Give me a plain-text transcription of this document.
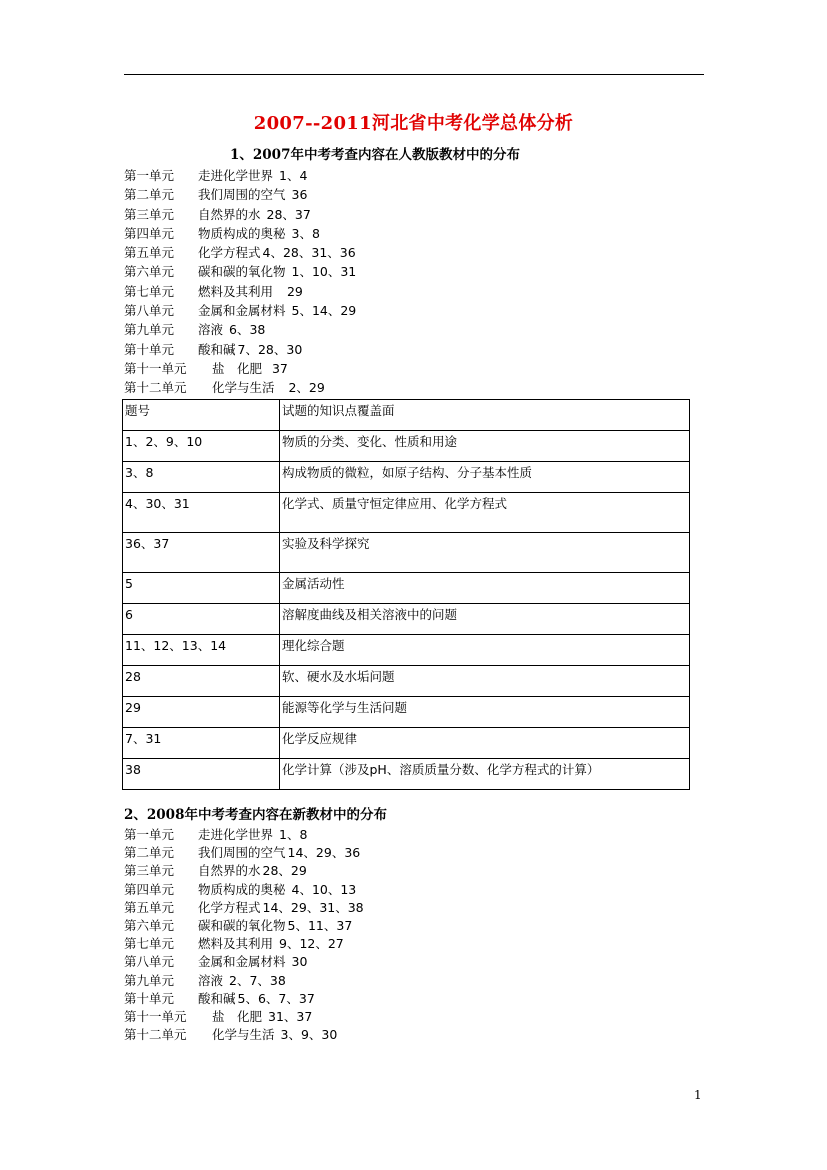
2007--2011河北省中考化学总体分析
1、2007年中考考查内容在人教版教材中的分布
第一单元 走进化学世界 1、4
第二单元 我们周围的空气 36
第三单元 自然界的水 28、37
第四单元 物质构成的奥秘 3、8
第五单元 化学方程式 4、28、31、36
第六单元 碳和碳的氧化物 1、10、31
第七单元 燃料及其利用 29
第八单元 金属和金属材料 5、14、29
第九单元 溶液 6、38
第十单元 酸和碱 7、28、30
第十一单元 盐　化肥 37
第十二单元 化学与生活 2、29
题号	试题的知识点覆盖面
1、2、9、10	物质的分类、变化、性质和用途
3、8	构成物质的微粒，如原子结构、分子基本性质
4、30、31	化学式、质量守恒定律应用、化学方程式
36、37	实验及科学探究
5	金属活动性
6	溶解度曲线及相关溶液中的问题
11、12、13、14	理化综合题
28	软、硬水及水垢问题
29	能源等化学与生活问题
7、31	化学反应规律
38	化学计算（涉及pH、溶质质量分数、化学方程式的计算）
2、2008年中考考查内容在新教材中的分布
第一单元 走进化学世界 1、8
第二单元 我们周围的空气 14、29、36
第三单元 自然界的水 28、29
第四单元 物质构成的奥秘 4、10、13
第五单元 化学方程式 14、29、31、38
第六单元 碳和碳的氧化物 5、11、37
第七单元 燃料及其利用 9、12、27
第八单元 金属和金属材料 30
第九单元 溶液 2、7、38
第十单元 酸和碱 5、6、7、37
第十一单元 盐　化肥 31、37
第十二单元 化学与生活 3、9、30
1
